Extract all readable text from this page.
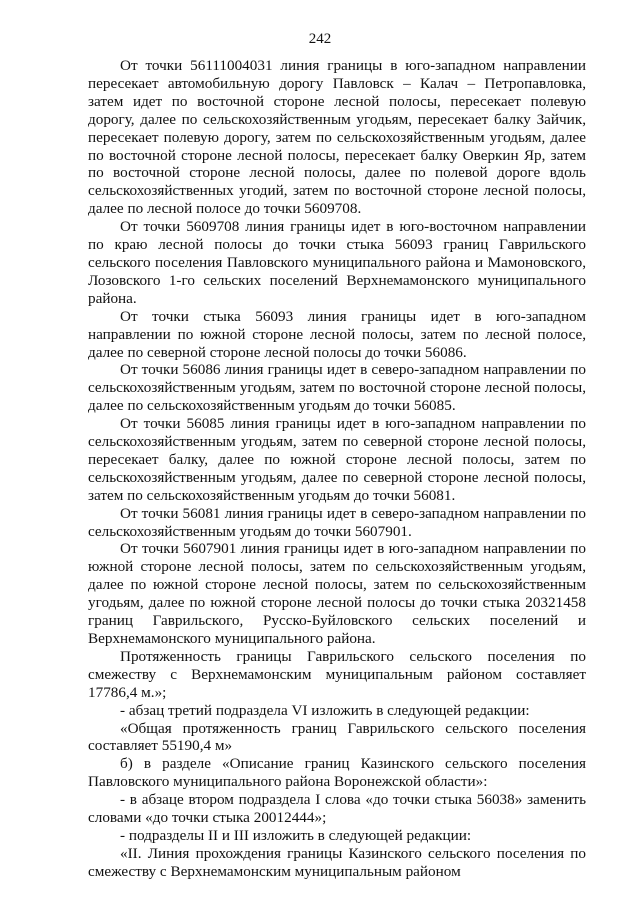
242

От точки 56111004031 линия границы в юго-западном направлении пересекает автомобильную дорогу Павловск – Калач – Петропавловка, затем идет по восточной стороне лесной полосы, пересекает полевую дорогу, далее по сельскохозяйственным угодьям, пересекает балку Зайчик, пересекает полевую дорогу, затем по сельскохозяйственным угодьям, далее по восточной стороне лесной полосы, пересекает балку Оверкин Яр, затем по восточной стороне лесной полосы, далее по полевой дороге вдоль сельскохозяйственных угодий, затем по восточной стороне лесной полосы, далее по лесной полосе до точки 5609708.

От точки 5609708 линия границы идет в юго-восточном направлении по краю лесной полосы до точки стыка 56093 границ Гаврильского сельского поселения Павловского муниципального района и Мамоновского, Лозовского 1-го сельских поселений Верхнемамонского муниципального района.

От точки стыка 56093 линия границы идет в юго-западном направлении по южной стороне лесной полосы, затем по лесной полосе, далее по северной стороне лесной полосы до точки 56086.

От точки 56086 линия границы идет в северо-западном направлении по сельскохозяйственным угодьям, затем по восточной стороне лесной полосы, далее по сельскохозяйственным угодьям до точки 56085.

От точки 56085 линия границы идет в юго-западном направлении по сельскохозяйственным угодьям, затем по северной стороне лесной полосы, пересекает балку, далее по южной стороне лесной полосы, затем по сельскохозяйственным угодьям, далее по северной стороне лесной полосы, затем по сельскохозяйственным угодьям до точки 56081.

От точки 56081 линия границы идет в северо-западном направлении по сельскохозяйственным угодьям до точки 5607901.

От точки 5607901 линия границы идет в юго-западном направлении по южной стороне лесной полосы, затем по сельскохозяйственным угодьям, далее по южной стороне лесной полосы, затем по сельскохозяйственным угодьям, далее по южной стороне лесной полосы до точки стыка 20321458 границ Гаврильского, Русско-Буйловского сельских поселений и Верхнемамонского муниципального района.

Протяженность границы Гаврильского сельского поселения по смежеству с Верхнемамонским муниципальным районом составляет 17786,4 м.»;

- абзац третий подраздела VI изложить в следующей редакции:

«Общая протяженность границ Гаврильского сельского поселения составляет 55190,4 м»

б) в разделе «Описание границ Казинского сельского поселения Павловского муниципального района Воронежской области»:

- в абзаце втором подраздела I слова «до точки стыка 56038» заменить словами «до точки стыка 20012444»;

- подразделы II и III изложить в следующей редакции:

«II. Линия прохождения границы Казинского сельского поселения по смежеству с Верхнемамонским муниципальным районом
